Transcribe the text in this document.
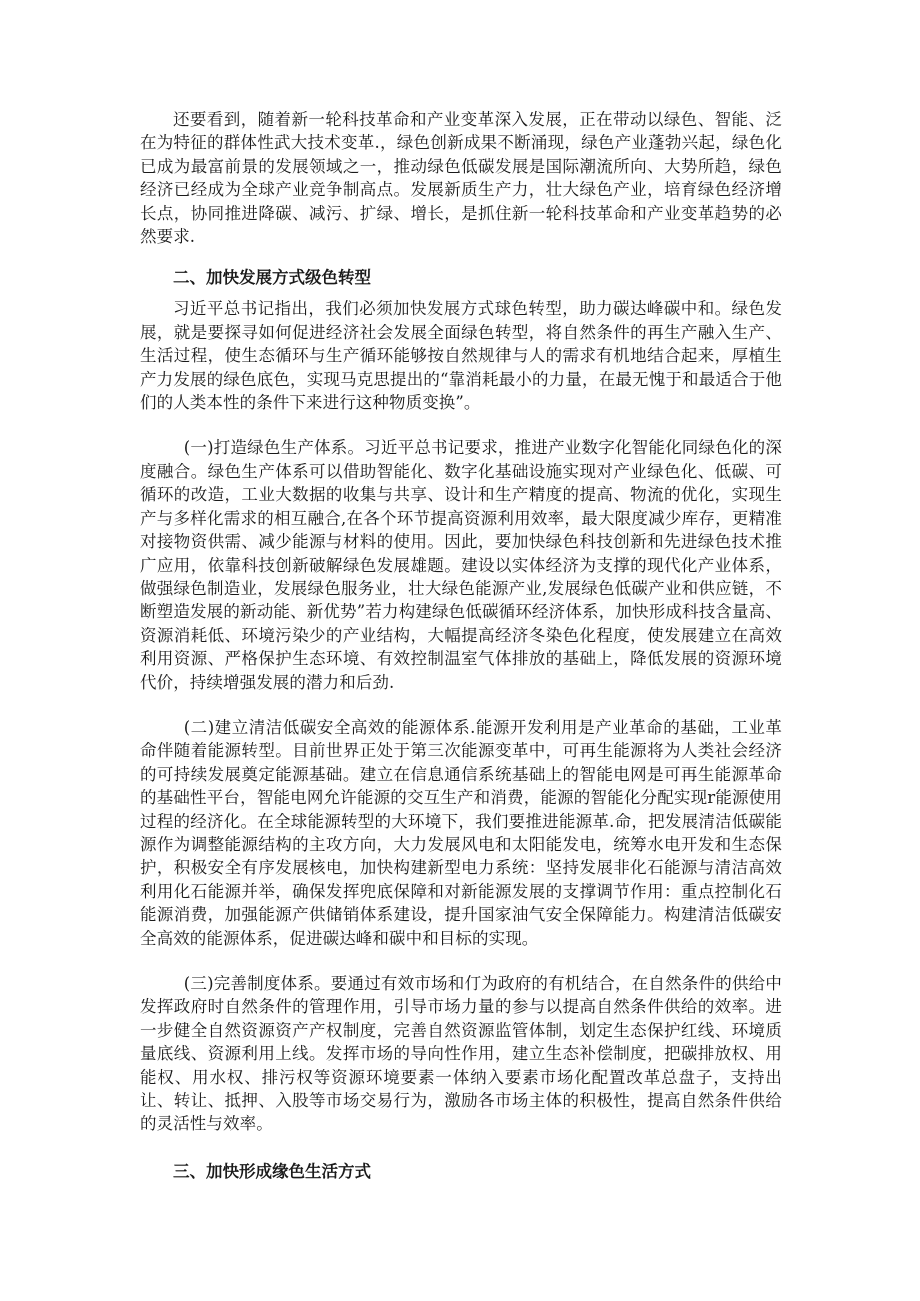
还要看到，随着新一轮科技革命和产业变革深入发展，正在带动以绿色、智能、泛在为特征的群体性武大技术变革.，绿色创新成果不断涌现，绿色产业蓬勃兴起，绿色化已成为最富前景的发展领域之一，推动绿色低碳发展是国际潮流所向、大势所趋，绿色经济已经成为全球产业竞争制高点。发展新质生产力，壮大绿色产业，培育绿色经济增长点，协同推进降碳、减污、扩绿、增长，是抓住新一轮科技革命和产业变革趋势的必然要求.

二、加快发展方式级色转型

习近平总书记指出，我们必须加快发展方式球色转型，助力碳达峰碳中和。绿色发展，就是要探寻如何促进经济社会发展全面绿色转型，将自然条件的再生产融入生产、生活过程，使生态循环与生产循环能够按自然规律与人的需求有机地结合起来，厚植生产力发展的绿色底色，实现马克思提出的“靠消耗最小的力量，在最无愧于和最适合于他们的人类本性的条件下来进行这种物质变换”。

(一)打造绿色生产体系。习近平总书记要求，推进产业数字化智能化同绿色化的深度融合。绿色生产体系可以借助智能化、数字化基础设施实现对产业绿色化、低碳、可循环的改造，工业大数据的收集与共享、设计和生产精度的提高、物流的优化，实现生产与多样化需求的相互融合,在各个环节提高资源利用效率，最大限度减少库存，更精准对接物资供需、减少能源与材料的使用。因此，要加快绿色科技创新和先进绿色技术推广应用，依靠科技创新破解绿色发展雄题。建设以实体经济为支撑的现代化产业体系，做强绿色制造业，发展绿色服务业，壮大绿色能源产业,发展绿色低碳产业和供应链，不断塑造发展的新动能、新优势”若力构建绿色低碳循环经济体系，加快形成科技含量高、资源消耗低、环境污染少的产业结构，大幅提高经济冬染色化程度，使发展建立在高效利用资源、严格保护生态环境、有效控制温室气体排放的基础上，降低发展的资源环境代价，持续增强发展的潜力和后劲.

(二)建立清洁低碳安全高效的能源体系.能源开发利用是产业革命的基础，工业革命伴随着能源转型。目前世界正处于第三次能源变革中，可再生能源将为人类社会经济的可持续发展奠定能源基础。建立在信息通信系统基础上的智能电网是可再生能源革命的基础性平台，智能电网允许能源的交互生产和消费，能源的智能化分配实现r能源使用过程的经济化。在全球能源转型的大环境下，我们要推进能源革.命，把发展清洁低碳能源作为调整能源结构的主攻方向，大力发展风电和太阳能发电，统筹水电开发和生态保护，积极安全有序发展核电，加快构建新型电力系统：坚持发展非化石能源与清洁高效利用化石能源并举，确保发挥兜底保障和对新能源发展的支撑调节作用：重点控制化石能源消费，加强能源产供储销体系建设，提升国家油气安全保障能力。构建清洁低碳安全高效的能源体系，促进碳达峰和碳中和目标的实现。

(三)完善制度体系。要通过有效市场和仃为政府的有机结合，在自然条件的供给中发挥政府时自然条件的管理作用，引导市场力量的参与以提高自然条件供给的效率。进一步健全自然资源资产产权制度，完善自然资源监管体制，划定生态保护红线、环境质量底线、资源利用上线。发挥市场的导向性作用，建立生态补偿制度，把碳排放权、用能权、用水权、排污权等资源环境要素一体纳入要素市场化配置改革总盘子，支持出让、转让、抵押、入股等市场交易行为，激励各市场主体的积极性，提高自然条件供给的灵活性与效率。

三、加快形成缘色生活方式
